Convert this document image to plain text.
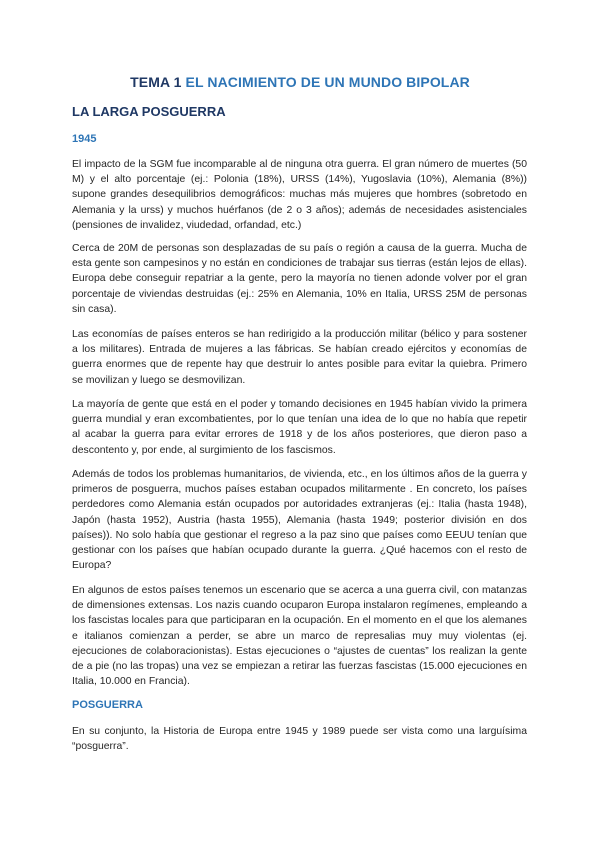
TEMA 1 EL NACIMIENTO DE UN MUNDO BIPOLAR
LA LARGA POSGUERRA
1945

El impacto de la SGM fue incomparable al de ninguna otra guerra. El gran número de muertes (50 M) y el alto porcentaje (ej.: Polonia (18%), URSS (14%), Yugoslavia (10%), Alemania (8%)) supone grandes desequilibrios demográficos: muchas más mujeres que hombres (sobretodo en Alemania y la urss) y muchos huérfanos (de 2 o 3 años); además de necesidades asistenciales (pensiones de invalidez, viudedad, orfandad, etc.)

Cerca de 20M de personas son desplazadas de su país o región a causa de la guerra. Mucha de esta gente son campesinos y no están en condiciones de trabajar sus tierras (están lejos de ellas). Europa debe conseguir repatriar a la gente, pero la mayoría no tienen adonde volver por el gran porcentaje de viviendas destruidas (ej.: 25% en Alemania, 10% en Italia, URSS 25M de personas sin casa).

Las economías de países enteros se han redirigido a la producción militar (bélico y para sostener a los militares). Entrada de mujeres a las fábricas. Se habían creado ejércitos y economías de guerra enormes que de repente hay que destruir lo antes posible para evitar la quiebra. Primero se movilizan y luego se desmovilizan.

La mayoría de gente que está en el poder y tomando decisiones en 1945 habían vivido la primera guerra mundial y eran excombatientes, por lo que tenían una idea de lo que no había que repetir al acabar la guerra para evitar errores de 1918 y de los años posteriores, que dieron paso a descontento y, por ende, al surgimiento de los fascismos.

Además de todos los problemas humanitarios, de vivienda, etc., en los últimos años de la guerra y primeros de posguerra, muchos países estaban ocupados militarmente . En concreto, los países perdedores como Alemania están ocupados por autoridades extranjeras (ej.: Italia (hasta 1948), Japón (hasta 1952), Austria (hasta 1955), Alemania (hasta 1949; posterior división en dos países)). No solo había que gestionar el regreso a la paz sino que países como EEUU tenían que gestionar con los países que habían ocupado durante la guerra. ¿Qué hacemos con el resto de Europa?

En algunos de estos países tenemos un escenario que se acerca a una guerra civil, con matanzas de dimensiones extensas. Los nazis cuando ocuparon Europa instalaron regímenes, empleando a los fascistas locales para que participaran en la ocupación. En el momento en el que los alemanes e italianos comienzan a perder, se abre un marco de represalias muy muy violentas (ej. ejecuciones de colaboracionistas). Estas ejecuciones o “ajustes de cuentas” los realizan la gente de a pie (no las tropas) una vez se empiezan a retirar las fuerzas fascistas (15.000 ejecuciones en Italia, 10.000 en Francia).

POSGUERRA

En su conjunto, la Historia de Europa entre 1945 y 1989 puede ser vista como una larguísima “posguerra”.
